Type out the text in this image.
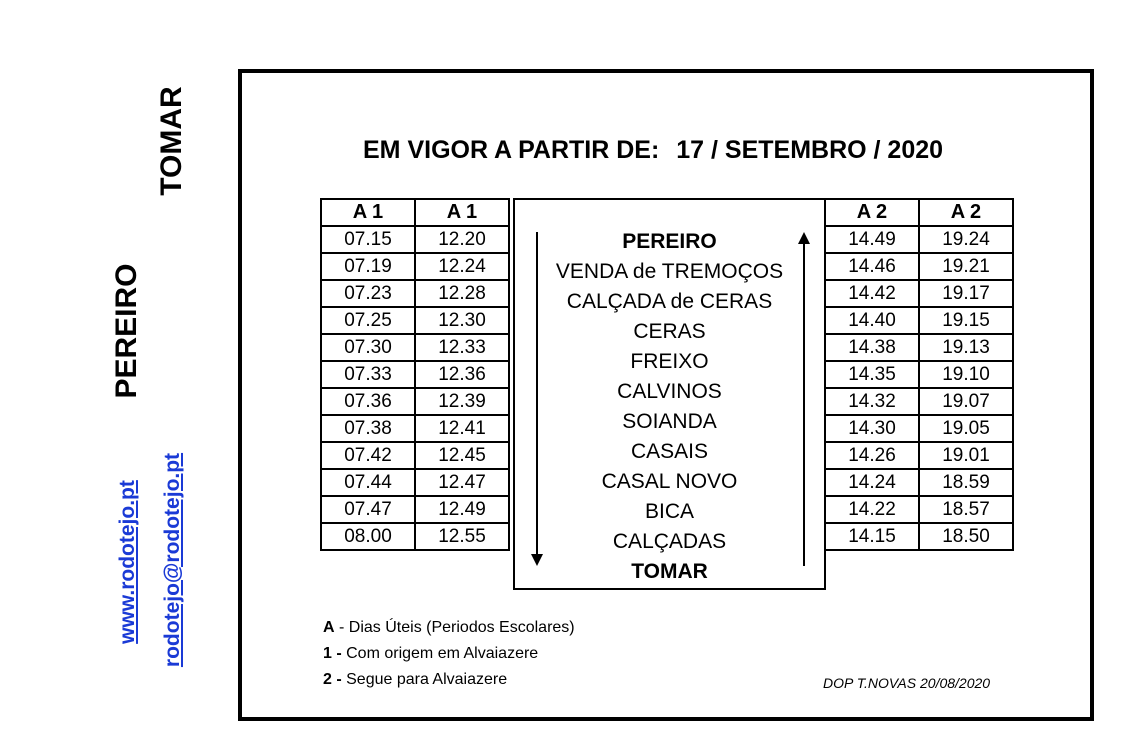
TOMAR
PEREIRO
www.rodotejo.pt rodotejo@rodotejo.pt
EM VIGOR A PARTIR DE: 17 / SETEMBRO / 2020
A 1	A 1
07.15	12.20
07.19	12.24
07.23	12.28
07.25	12.30
07.30	12.33
07.33	12.36
07.36	12.39
07.38	12.41
07.42	12.45
07.44	12.47
07.47	12.49
08.00	12.55
PEREIRO
VENDA de TREMOÇOS
CALÇADA de CERAS
CERAS
FREIXO
CALVINOS
SOIANDA
CASAIS
CASAL NOVO
BICA
CALÇADAS
TOMAR
A 2	A 2
14.49	19.24
14.46	19.21
14.42	19.17
14.40	19.15
14.38	19.13
14.35	19.10
14.32	19.07
14.30	19.05
14.26	19.01
14.24	18.59
14.22	18.57
14.15	18.50
A - Dias Úteis (Periodos Escolares)
1 - Com origem em Alvaiazere
2 - Segue para Alvaiazere	DOP T.NOVAS 20/08/2020
